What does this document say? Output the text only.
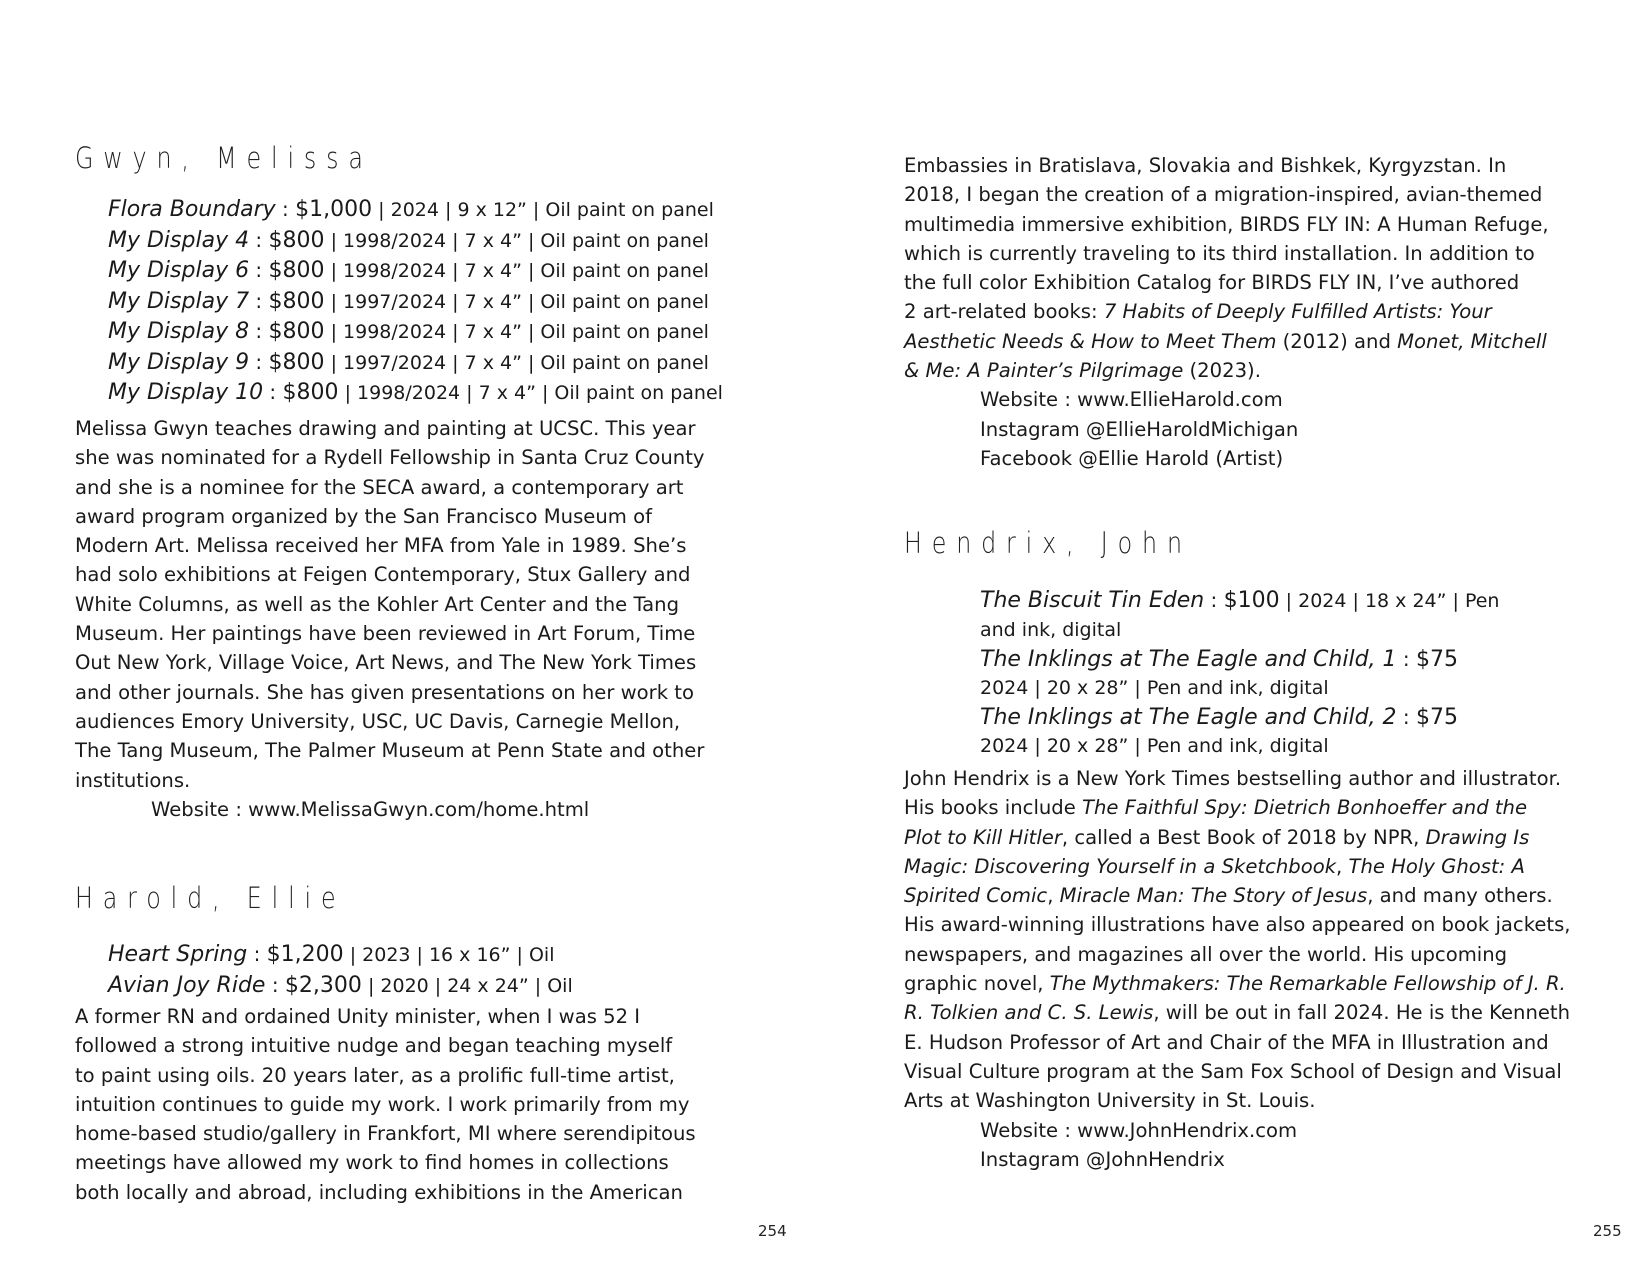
Gwyn, Melissa
Flora Boundary : $1,000 | 2024 | 9 x 12” | Oil paint on panel
My Display 4 : $800 | 1998/2024 | 7 x 4” | Oil paint on panel
My Display 6 : $800 | 1998/2024 | 7 x 4” | Oil paint on panel
My Display 7 : $800 | 1997/2024 | 7 x 4” | Oil paint on panel
My Display 8 : $800 | 1998/2024 | 7 x 4” | Oil paint on panel
My Display 9 : $800 | 1997/2024 | 7 x 4” | Oil paint on panel
My Display 10 : $800 | 1998/2024 | 7 x 4” | Oil paint on panel
Melissa Gwyn teaches drawing and painting at UCSC. This year
she was nominated for a Rydell Fellowship in Santa Cruz County
and she is a nominee for the SECA award, a contemporary art
award program organized by the San Francisco Museum of
Modern Art. Melissa received her MFA from Yale in 1989. She’s
had solo exhibitions at Feigen Contemporary, Stux Gallery and
White Columns, as well as the Kohler Art Center and the Tang
Museum. Her paintings have been reviewed in Art Forum, Time
Out New York, Village Voice, Art News, and The New York Times
and other journals. She has given presentations on her work to
audiences Emory University, USC, UC Davis, Carnegie Mellon,
The Tang Museum, The Palmer Museum at Penn State and other
institutions.
Website : www.MelissaGwyn.com/home.html
Harold, Ellie
Heart Spring : $1,200 | 2023 | 16 x 16” | Oil
Avian Joy Ride : $2,300 | 2020 | 24 x 24” | Oil
A former RN and ordained Unity minister, when I was 52 I
followed a strong intuitive nudge and began teaching myself
to paint using oils. 20 years later, as a prolific full-time artist,
intuition continues to guide my work. I work primarily from my
home-based studio/gallery in Frankfort, MI where serendipitous
meetings have allowed my work to find homes in collections
both locally and abroad, including exhibitions in the American
254
Embassies in Bratislava, Slovakia and Bishkek, Kyrgyzstan. In
2018, I began the creation of a migration-inspired, avian-themed
multimedia immersive exhibition, BIRDS FLY IN: A Human Refuge,
which is currently traveling to its third installation. In addition to
the full color Exhibition Catalog for BIRDS FLY IN, I’ve authored
2 art-related books: 7 Habits of Deeply Fulfilled Artists: Your
Aesthetic Needs & How to Meet Them (2012) and Monet, Mitchell
& Me: A Painter’s Pilgrimage (2023).
Website : www.EllieHarold.com
Instagram @EllieHaroldMichigan
Facebook @Ellie Harold (Artist)
Hendrix, John
The Biscuit Tin Eden : $100 | 2024 | 18 x 24” | Pen
and ink, digital
The Inklings at The Eagle and Child, 1 : $75
2024 | 20 x 28” | Pen and ink, digital
The Inklings at The Eagle and Child, 2 : $75
2024 | 20 x 28” | Pen and ink, digital
John Hendrix is a New York Times bestselling author and illustrator.
His books include The Faithful Spy: Dietrich Bonhoeffer and the
Plot to Kill Hitler, called a Best Book of 2018 by NPR, Drawing Is
Magic: Discovering Yourself in a Sketchbook, The Holy Ghost: A
Spirited Comic, Miracle Man: The Story of Jesus, and many others.
His award-winning illustrations have also appeared on book jackets,
newspapers, and magazines all over the world. His upcoming
graphic novel, The Mythmakers: The Remarkable Fellowship of J. R.
R. Tolkien and C. S. Lewis, will be out in fall 2024. He is the Kenneth
E. Hudson Professor of Art and Chair of the MFA in Illustration and
Visual Culture program at the Sam Fox School of Design and Visual
Arts at Washington University in St. Louis.
Website : www.JohnHendrix.com
Instagram @JohnHendrix
255
